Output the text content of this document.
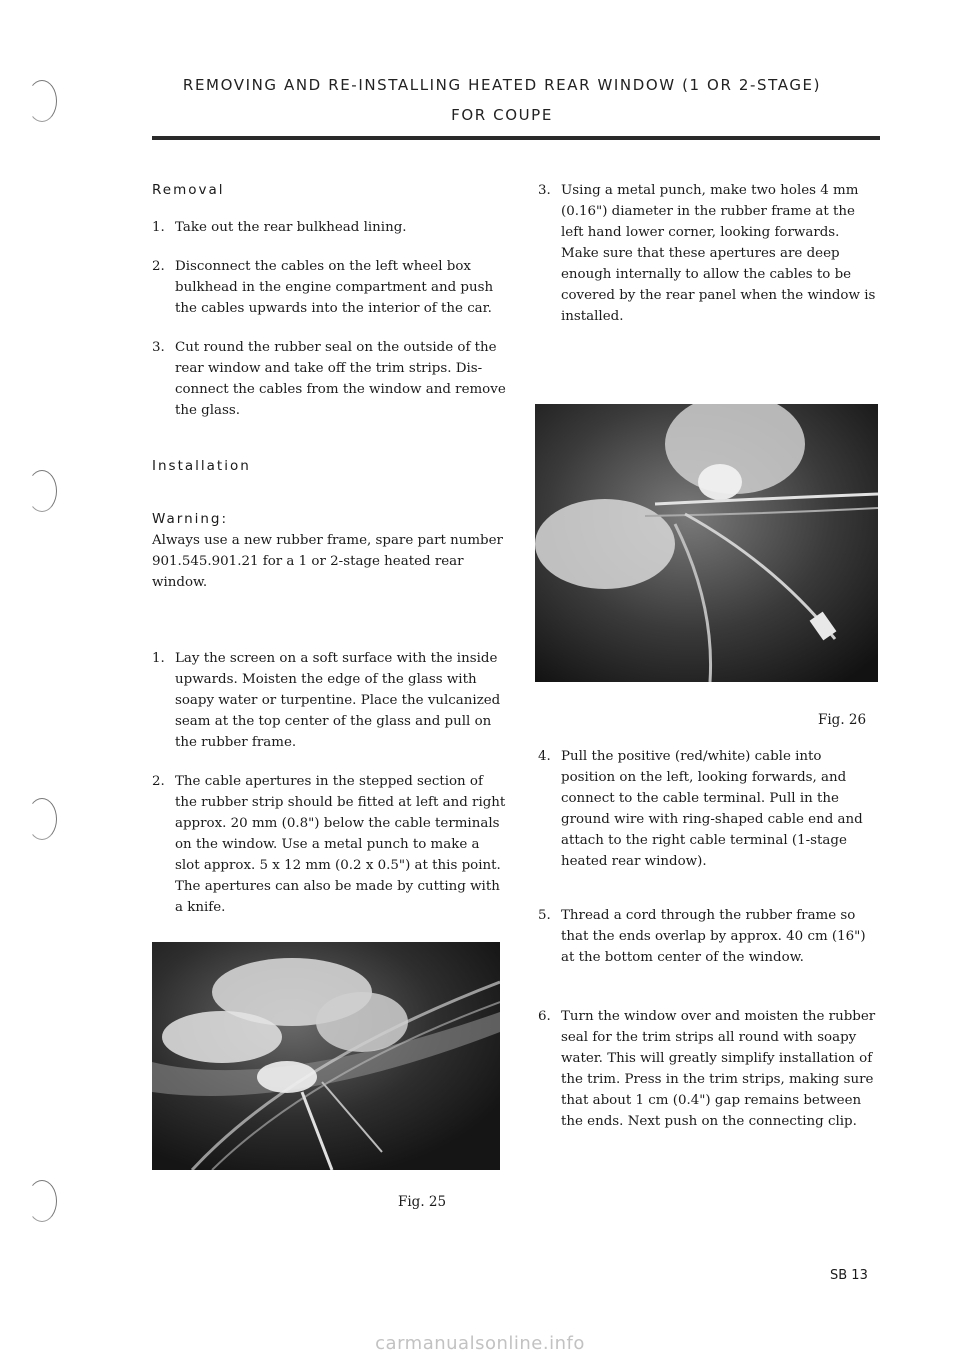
REMOVING AND RE-INSTALLING HEATED REAR WINDOW (1 OR 2-STAGE)
FOR COUPE

Removal

1. Take out the rear bulkhead lining.

2. Disconnect the cables on the left wheel box bulkhead in the engine compartment and push the cables upwards into the interior of the car.

3. Cut round the rubber seal on the outside of the rear window and take off the trim strips. Dis-connect the cables from the window and remove the glass.

Installation

Warning:

Always use a new rubber frame, spare part number 901.545.901.21 for a 1 or 2-stage heated rear window.

1. Lay the screen on a soft surface with the inside upwards. Moisten the edge of the glass with soapy water or turpentine. Place the vulcanized seam at the top center of the glass and pull on the rubber frame.

2. The cable apertures in the stepped section of the rubber strip should be fitted at left and right approx. 20 mm (0.8") below the cable terminals on the window. Use a metal punch to make a slot approx. 5 x 12 mm (0.2 x 0.5") at this point. The apertures can also be made by cutting with a knife.

Fig. 25

3. Using a metal punch, make two holes 4 mm (0.16") diameter in the rubber frame at the left hand lower corner, looking forwards. Make sure that these apertures are deep enough internally to allow the cables to be covered by the rear panel when the window is installed.

Fig. 26

4. Pull the positive (red/white) cable into position on the left, looking forwards, and connect to the cable terminal. Pull in the ground wire with ring-shaped cable end and attach to the right cable terminal (1-stage heated rear window).

5. Thread a cord through the rubber frame so that the ends overlap by approx. 40 cm (16") at the bottom center of the window.

6. Turn the window over and moisten the rubber seal for the trim strips all round with soapy water. This will greatly simplify installation of the trim. Press in the trim strips, making sure that about 1 cm (0.4") gap remains between the ends. Next push on the connecting clip.

SB 13
carmanualsonline.info
